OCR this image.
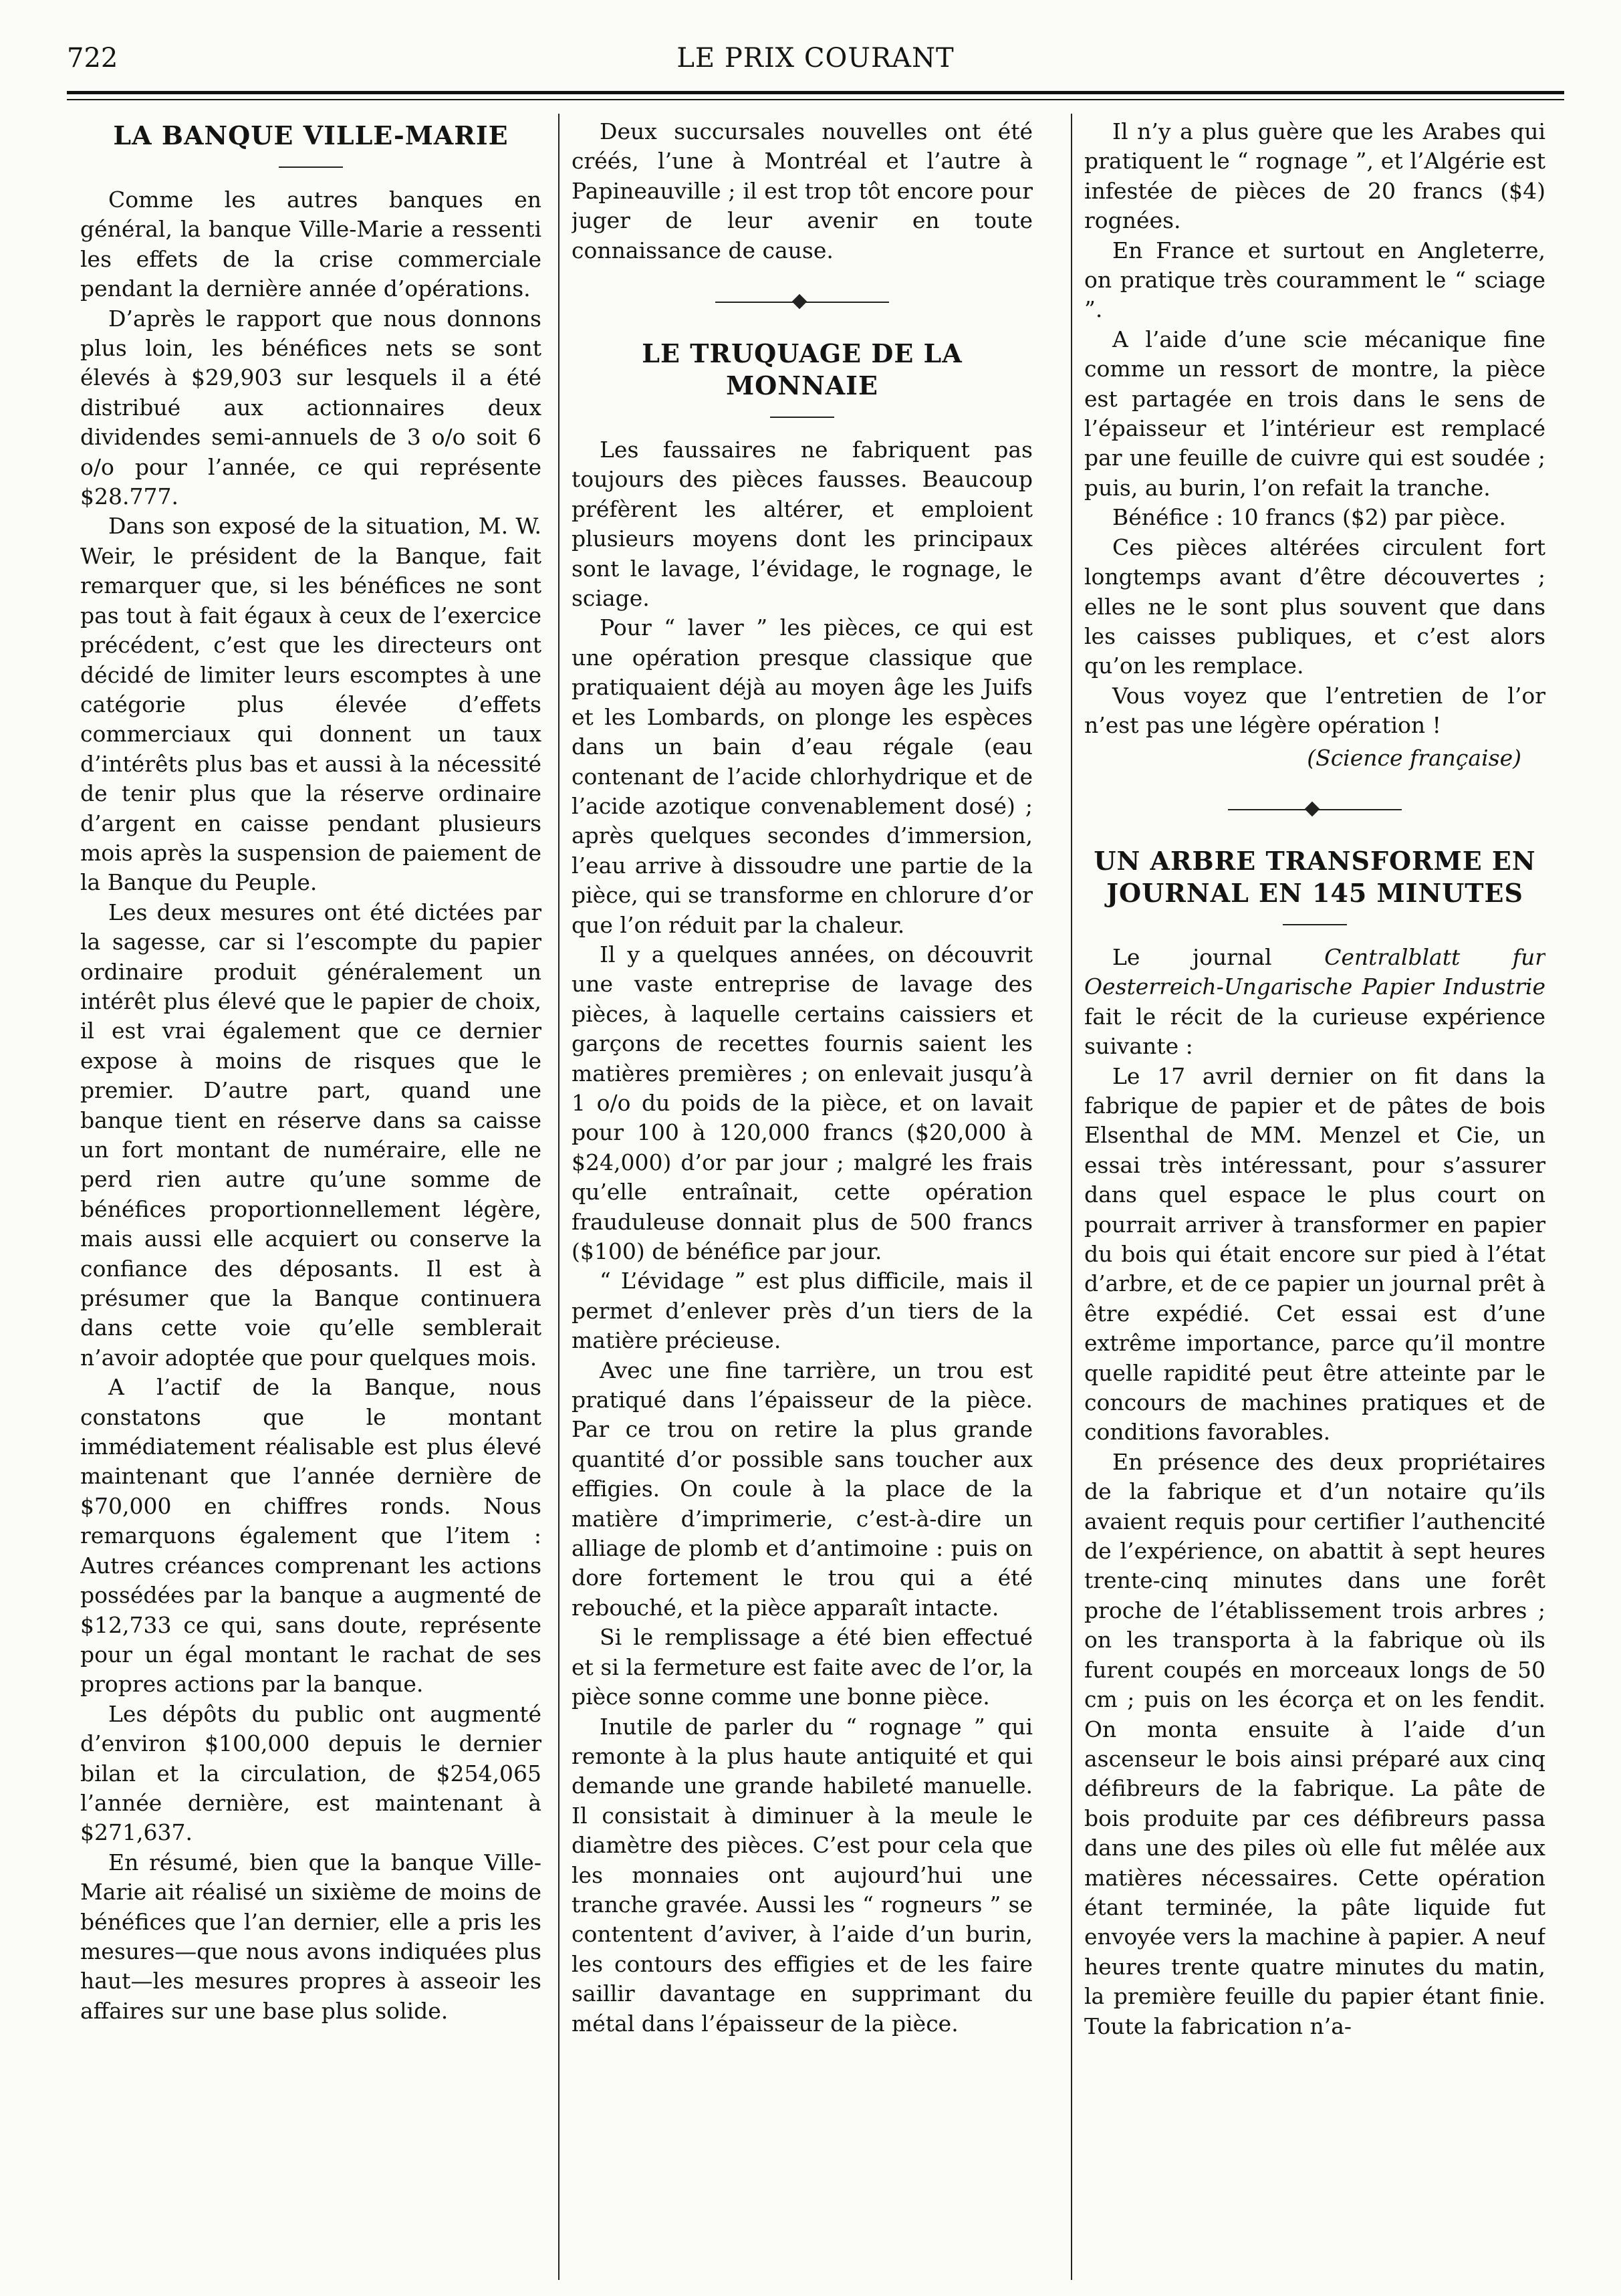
722	LE PRIX COURANT
LA BANQUE VILLE-MARIE

Comme les autres banques en général, la banque Ville-Marie a ressenti les effets de la crise commerciale pendant la dernière année d’opérations.

D’après le rapport que nous donnons plus loin, les bénéfices nets se sont élevés à $29,903 sur lesquels il a été distribué aux actionnaires deux dividendes semi-annuels de 3 o/o soit 6 o/o pour l’année, ce qui représente $28.777.

Dans son exposé de la situation, M. W. Weir, le président de la Banque, fait remarquer que, si les bénéfices ne sont pas tout à fait égaux à ceux de l’exercice précédent, c’est que les directeurs ont décidé de limiter leurs escomptes à une catégorie plus élevée d’effets commerciaux qui donnent un taux d’intérêts plus bas et aussi à la nécessité de tenir plus que la réserve ordinaire d’argent en caisse pendant plusieurs mois après la suspension de paiement de la Banque du Peuple.

Les deux mesures ont été dictées par la sagesse, car si l’escompte du papier ordinaire produit généralement un intérêt plus élevé que le papier de choix, il est vrai également que ce dernier expose à moins de risques que le premier. D’autre part, quand une banque tient en réserve dans sa caisse un fort montant de numéraire, elle ne perd rien autre qu’une somme de bénéfices proportionnellement légère, mais aussi elle acquiert ou conserve la confiance des déposants. Il est à présumer que la Banque continuera dans cette voie qu’elle semblerait n’avoir adoptée que pour quelques mois.

A l’actif de la Banque, nous constatons que le montant immédiatement réalisable est plus élevé maintenant que l’année dernière de $70,000 en chiffres ronds. Nous remarquons également que l’item : Autres créances comprenant les actions possédées par la banque a augmenté de $12,733 ce qui, sans doute, représente pour un égal montant le rachat de ses propres actions par la banque.

Les dépôts du public ont augmenté d’environ $100,000 depuis le dernier bilan et la circulation, de $254,065 l’année dernière, est maintenant à $271,637.

En résumé, bien que la banque Ville-Marie ait réalisé un sixième de moins de bénéfices que l’an dernier, elle a pris les mesures—que nous avons indiquées plus haut—les mesures propres à asseoir les affaires sur une base plus solide.

Deux succursales nouvelles ont été créés, l’une à Montréal et l’autre à Papineauville ; il est trop tôt encore pour juger de leur avenir en toute connaissance de cause.

LE TRUQUAGE DE LA MONNAIE

Les faussaires ne fabriquent pas toujours des pièces fausses. Beaucoup préfèrent les altérer, et emploient plusieurs moyens dont les principaux sont le lavage, l’évidage, le rognage, le sciage.

Pour “ laver ” les pièces, ce qui est une opération presque classique que pratiquaient déjà au moyen âge les Juifs et les Lombards, on plonge les espèces dans un bain d’eau régale (eau contenant de l’acide chlorhydrique et de l’acide azotique convenablement dosé) ; après quelques secondes d’immersion, l’eau arrive à dissoudre une partie de la pièce, qui se transforme en chlorure d’or que l’on réduit par la chaleur.

Il y a quelques années, on découvrit une vaste entreprise de lavage des pièces, à laquelle certains caissiers et garçons de recettes fournis saient les matières premières ; on enlevait jusqu’à 1 o/o du poids de la pièce, et on lavait pour 100 à 120,000 francs ($20,000 à $24,000) d’or par jour ; malgré les frais qu’elle entraînait, cette opération frauduleuse donnait plus de 500 francs ($100) de bénéfice par jour.

“ L’évidage ” est plus difficile, mais il permet d’enlever près d’un tiers de la matière précieuse.

Avec une fine tarrière, un trou est pratiqué dans l’épaisseur de la pièce. Par ce trou on retire la plus grande quantité d’or possible sans toucher aux effigies. On coule à la place de la matière d’imprimerie, c’est-à-dire un alliage de plomb et d’antimoine : puis on dore fortement le trou qui a été rebouché, et la pièce apparaît intacte.

Si le remplissage a été bien effectué et si la fermeture est faite avec de l’or, la pièce sonne comme une bonne pièce.

Inutile de parler du “ rognage ” qui remonte à la plus haute antiquité et qui demande une grande habileté manuelle. Il consistait à diminuer à la meule le diamètre des pièces. C’est pour cela que les monnaies ont aujourd’hui une tranche gravée. Aussi les “ rogneurs ” se contentent d’aviver, à l’aide d’un burin, les contours des effigies et de les faire saillir davantage en supprimant du métal dans l’épaisseur de la pièce.

Il n’y a plus guère que les Arabes qui pratiquent le “ rognage ”, et l’Algérie est infestée de pièces de 20 francs ($4) rognées.

En France et surtout en Angleterre, on pratique très couramment le “ sciage ”.

A l’aide d’une scie mécanique fine comme un ressort de montre, la pièce est partagée en trois dans le sens de l’épaisseur et l’intérieur est remplacé par une feuille de cuivre qui est soudée ; puis, au burin, l’on refait la tranche.

Bénéfice : 10 francs ($2) par pièce.

Ces pièces altérées circulent fort longtemps avant d’être découvertes ; elles ne le sont plus souvent que dans les caisses publiques, et c’est alors qu’on les remplace.

Vous voyez que l’entretien de l’or n’est pas une légère opération !

(Science française)
UN ARBRE TRANSFORME EN JOURNAL EN 145 MINUTES

Le journal Centralblatt fur Oesterreich-Ungarische Papier Industrie fait le récit de la curieuse expérience suivante :

Le 17 avril dernier on fit dans la fabrique de papier et de pâtes de bois Elsenthal de MM. Menzel et Cie, un essai très intéressant, pour s’assurer dans quel espace le plus court on pourrait arriver à transformer en papier du bois qui était encore sur pied à l’état d’arbre, et de ce papier un journal prêt à être expédié. Cet essai est d’une extrême importance, parce qu’il montre quelle rapidité peut être atteinte par le concours de machines pratiques et de conditions favorables.

En présence des deux propriétaires de la fabrique et d’un notaire qu’ils avaient requis pour certifier l’authencité de l’expérience, on abattit à sept heures trente-cinq minutes dans une forêt proche de l’établissement trois arbres ; on les transporta à la fabrique où ils furent coupés en morceaux longs de 50 cm ; puis on les écorça et on les fendit. On monta ensuite à l’aide d’un ascenseur le bois ainsi préparé aux cinq défibreurs de la fabrique. La pâte de bois produite par ces défibreurs passa dans une des piles où elle fut mêlée aux matières nécessaires. Cette opération étant terminée, la pâte liquide fut envoyée vers la machine à papier. A neuf heures trente quatre minutes du matin, la première feuille du papier étant finie. Toute la fabrication n’a-
